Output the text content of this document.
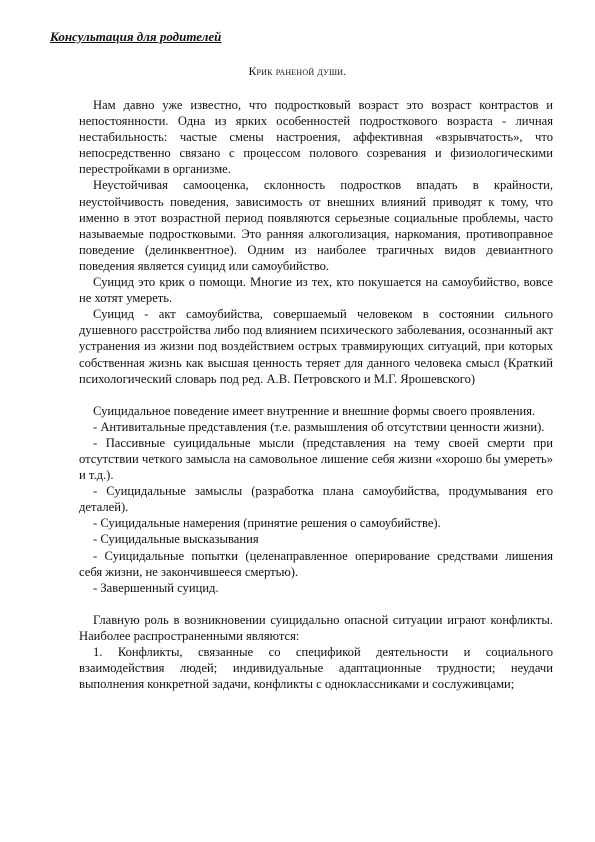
Консультация для родителей

Крик раненой души.

Нам давно уже известно, что подростковый возраст это возраст контрастов и непостоянности. Одна из ярких особенностей подросткового возраста - личная нестабильность: частые смены настроения, аффективная «взрывчатость», что непосредственно связано с процессом полового созревания и физиологическими перестройками в организме.

Неустойчивая самооценка, склонность подростков впадать в крайности, неустойчивость поведения, зависимость от внешних влияний приводят к тому, что именно в этот возрастной период появляются серьезные социальные проблемы, часто называемые подростковыми. Это ранняя алкоголизация, наркомания, противоправное поведение (делинквентное). Одним из наиболее трагичных видов девиантного поведения является суицид или самоубийство.

Суицид это крик о помощи. Многие из тех, кто покушается на самоубийство, вовсе не хотят умереть.

Суицид - акт самоубийства, совершаемый человеком в состоянии сильного душевного расстройства либо под влиянием психического заболевания, осознанный акт устранения из жизни под воздействием острых травмирующих ситуаций, при которых собственная жизнь как высшая ценность теряет для данного человека смысл (Краткий психологический словарь под ред. А.В. Петровского и М.Г. Ярошевского)

Суицидальное поведение имеет внутренние и внешние формы своего проявления.

- Антивитальные представления (т.е. размышления об отсутствии ценности жизни).

- Пассивные суицидальные мысли (представления на тему своей смерти при отсутствии четкого замысла на самовольное лишение себя жизни «хорошо бы умереть» и т.д.).

- Суицидальные замыслы (разработка плана самоубийства, продумывания его деталей).

- Суицидальные намерения (принятие решения о самоубийстве).

- Суицидальные высказывания

- Суицидальные попытки (целенаправленное оперирование средствами лишения себя жизни, не закончившееся смертью).

- Завершенный суицид.

Главную роль в возникновении суицидально опасной ситуации играют конфликты. Наиболее распространенными являются:

1. Конфликты, связанные со спецификой деятельности и социального взаимодействия людей; индивидуальные адаптационные трудности; неудачи выполнения конкретной задачи, конфликты с одноклассниками и сослуживцами;
